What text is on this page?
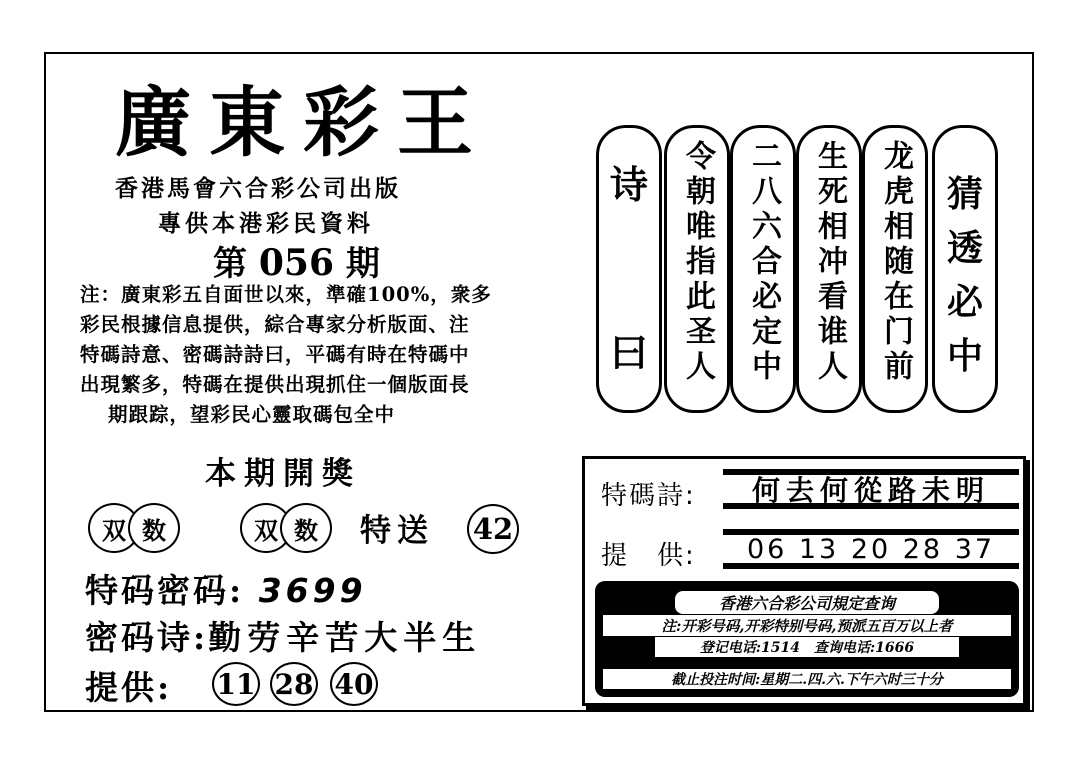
廣東彩王
香港馬會六合彩公司出版
專供本港彩民資料
第 056 期
注：廣東彩五自面世以來，準確100%，衆多
彩民根據信息提供，綜合專家分析版面、注
特碼詩意、密碼詩詩曰，平碼有時在特碼中
出現繁多，特碼在提供出現抓住一個版面長
期跟踪，望彩民心靈取碼包全中
本期開獎
双 数	双 数	特送 42
特码密码: 3699
密码诗:勤劳辛苦大半生
提供: 11 28 40
诗
曰 令朝唯指此圣人 二八六合必定中 生死相冲看谁人 龙虎相随在门前 猜
透
必
中
特碼詩:	何去何從路未明
提　供:	06 13 20 28 37
香港六合彩公司規定查询
注:开彩号码,开彩特别号码,预派五百万以上者
登记电话:1514　查询电话:1666
截止投注时间:星期二.四.六.下午六时三十分
